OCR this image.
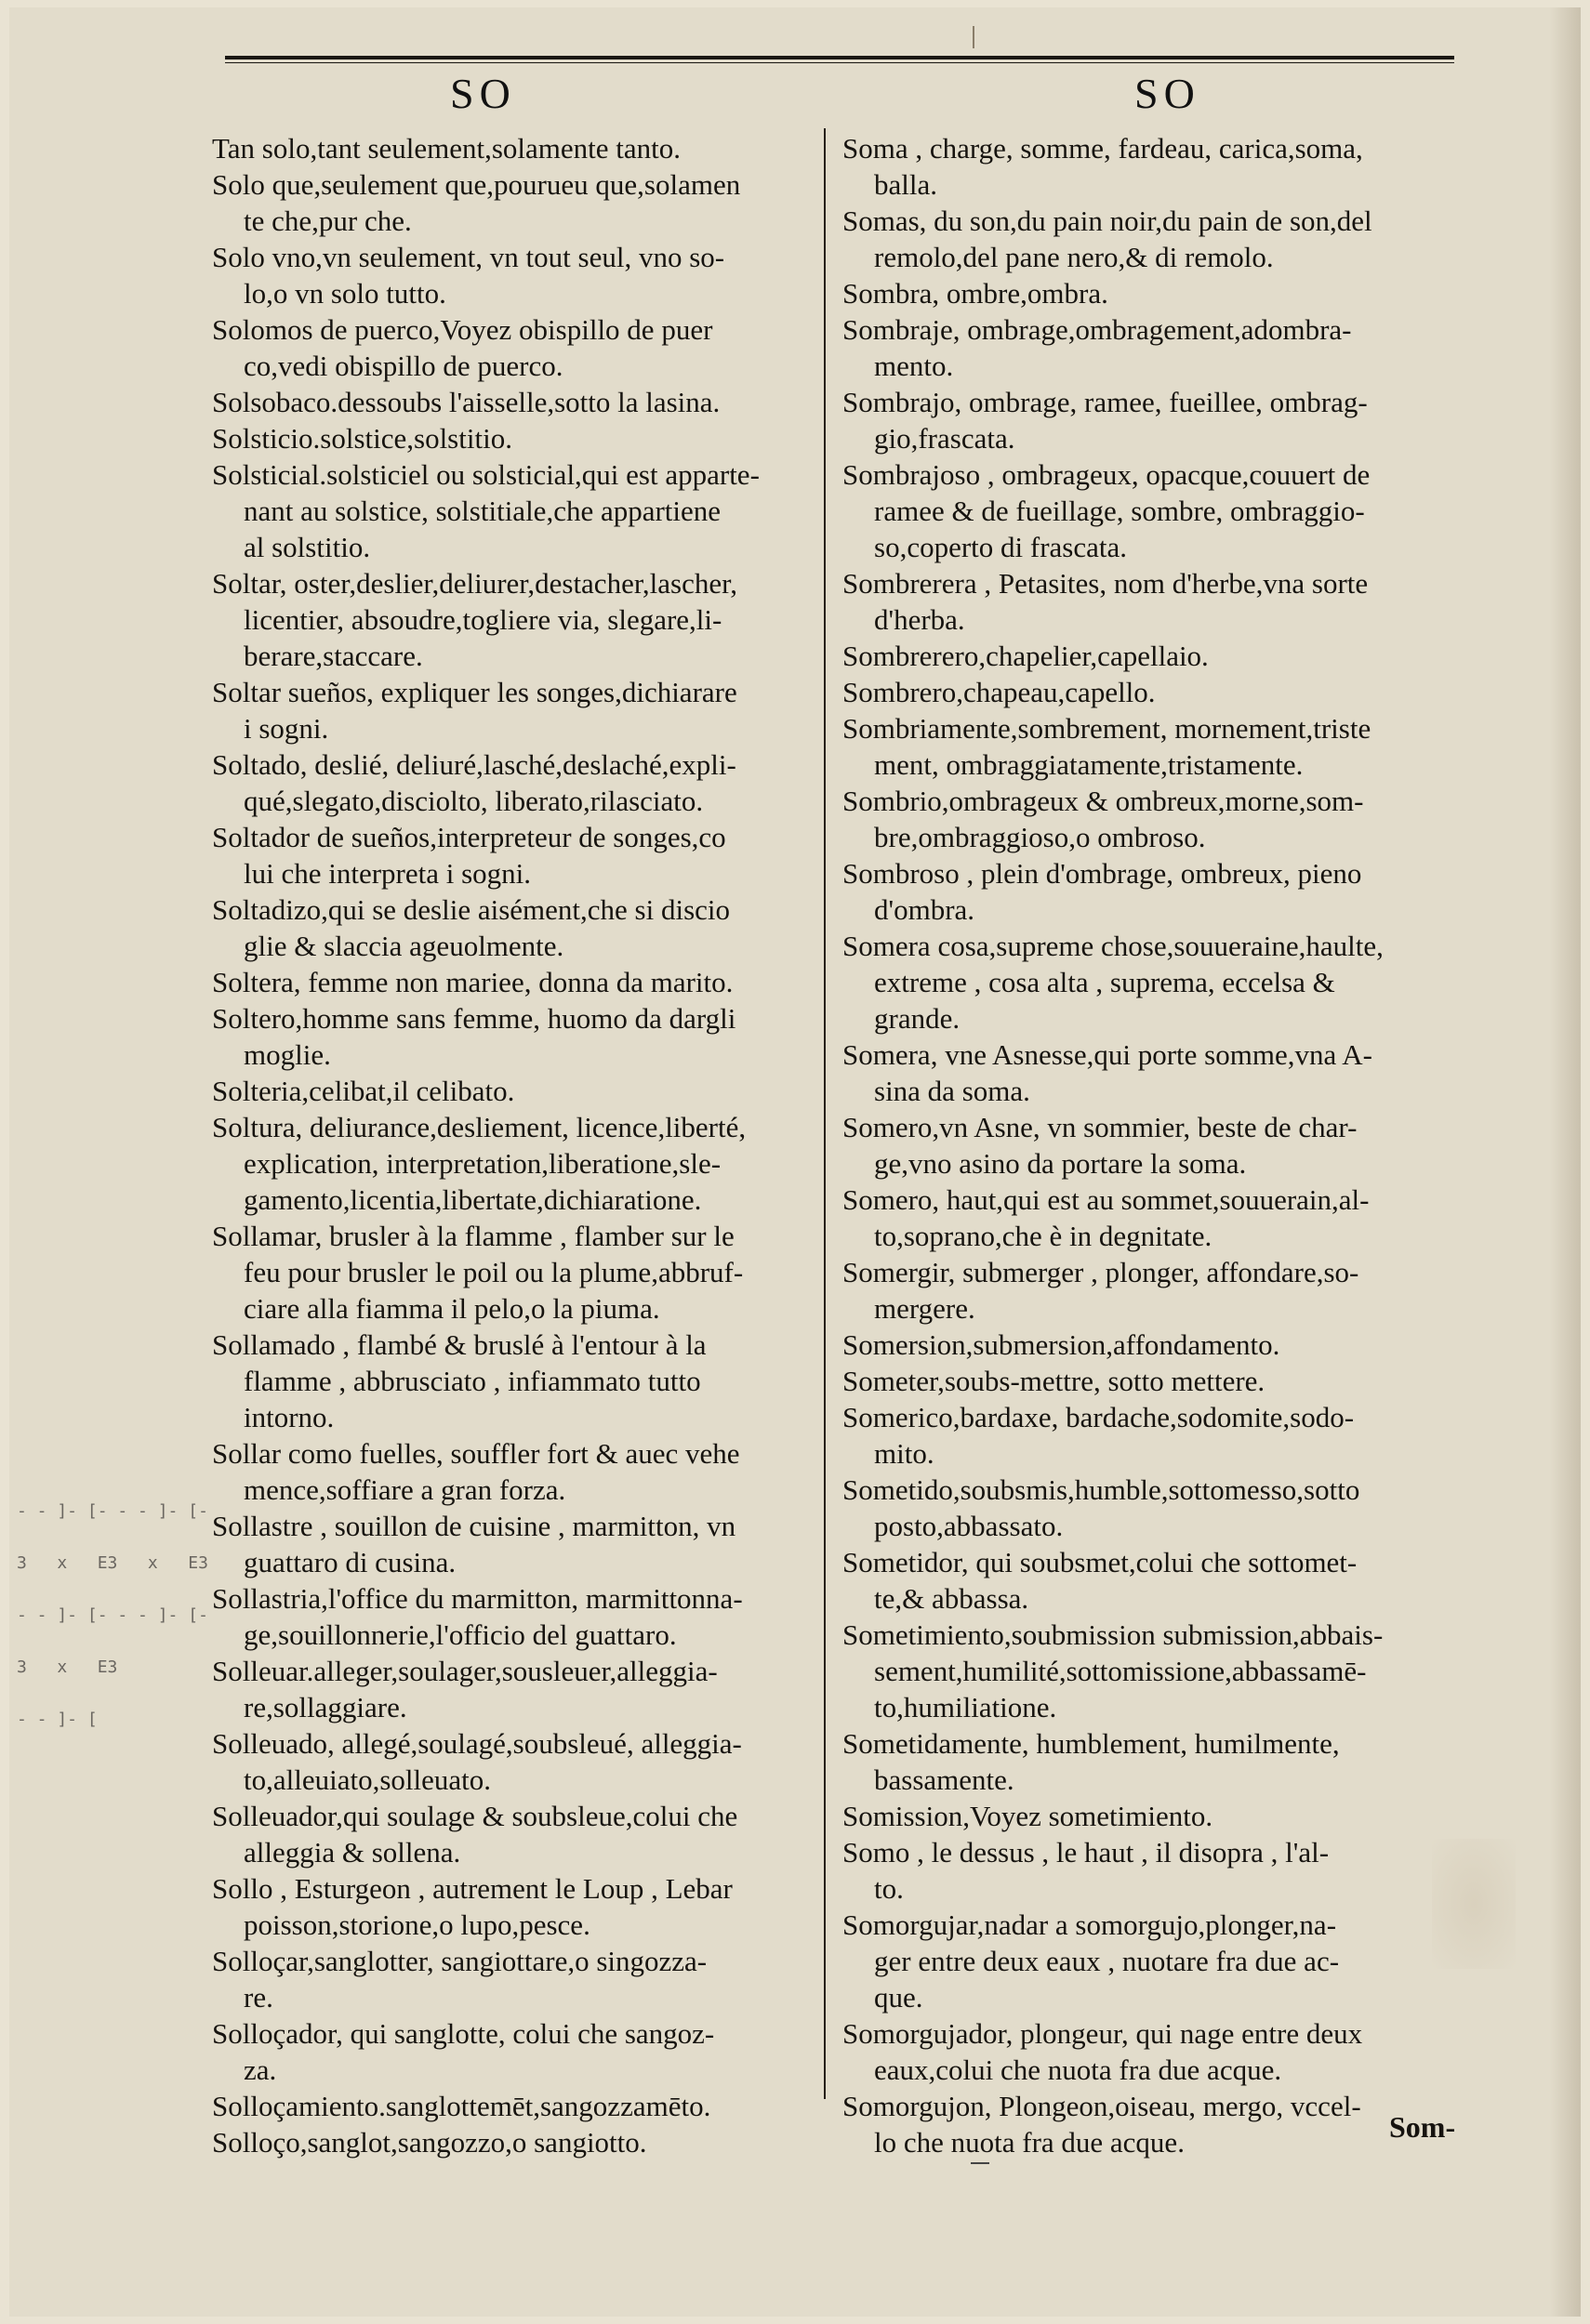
SO	SO
Tan solo,tant seulement,solamente tanto.
Solo que,seulement que,pourueu que,solamen
te che,pur che.
Solo vno,vn seulement, vn tout seul, vno so-
lo,o vn solo tutto.
Solomos de puerco,Voyez obispillo de puer
co,vedi obispillo de puerco.
Solsobaco.dessoubs l'aisselle,sotto la lasina.
Solsticio.solstice,solstitio.
Solsticial.solsticiel ou solsticial,qui est apparte-
nant au solstice, solstitiale,che appartiene
al solstitio.
Soltar, oster,deslier,deliurer,destacher,lascher,
licentier, absoudre,togliere via, slegare,li-
berare,staccare.
Soltar sueños, expliquer les songes,dichiarare
i sogni.
Soltado, deslié, deliuré,lasché,deslaché,expli-
qué,slegato,disciolto, liberato,rilasciato.
Soltador de sueños,interpreteur de songes,co
lui che interpreta i sogni.
Soltadizo,qui se deslie aisément,che si discio
glie & slaccia ageuolmente.
Soltera, femme non mariee, donna da marito.
Soltero,homme sans femme, huomo da dargli
moglie.
Solteria,celibat,il celibato.
Soltura, deliurance,desliement, licence,liberté,
explication, interpretation,liberatione,sle-
gamento,licentia,libertate,dichiaratione.
Sollamar, brusler à la flamme , flamber sur le
feu pour brusler le poil ou la plume,abbruf-
ciare alla fiamma il pelo,o la piuma.
Sollamado , flambé & bruslé à l'entour à la
flamme , abbrusciato , infiammato tutto
intorno.
Sollar como fuelles, souffler fort & auec vehe
mence,soffiare a gran forza.
Sollastre , souillon de cuisine , marmitton, vn
guattaro di cusina.
Sollastria,l'office du marmitton, marmittonna-
ge,souillonnerie,l'officio del guattaro.
Solleuar.alleger,soulager,sousleuer,alleggia-
re,sollaggiare.
Solleuado, allegé,soulagé,soubsleué, alleggia-
to,alleuiato,solleuato.
Solleuador,qui soulage & soubsleue,colui che
alleggia & sollena.
Sollo , Esturgeon , autrement le Loup , Lebar
poisson,storione,o lupo,pesce.
Solloçar,sanglotter, sangiottare,o singozza-
re.
Solloçador, qui sanglotte, colui che sangoz-
za.
Solloçamiento.sanglottemēt,sangozzamēto.
Solloço,sanglot,sangozzo,o sangiotto.
Soma , charge, somme, fardeau, carica,soma,
balla.
Somas, du son,du pain noir,du pain de son,del
remolo,del pane nero,& di remolo.
Sombra, ombre,ombra.
Sombraje, ombrage,ombragement,adombra-
mento.
Sombrajo, ombrage, ramee, fueillee, ombrag-
gio,frascata.
Sombrajoso , ombrageux, opacque,couuert de
ramee & de fueillage, sombre, ombraggio-
so,coperto di frascata.
Sombrerera , Petasites, nom d'herbe,vna sorte
d'herba.
Sombrerero,chapelier,capellaio.
Sombrero,chapeau,capello.
Sombriamente,sombrement, mornement,triste
ment, ombraggiatamente,tristamente.
Sombrio,ombrageux & ombreux,morne,som-
bre,ombraggioso,o ombroso.
Sombroso , plein d'ombrage, ombreux, pieno
d'ombra.
Somera cosa,supreme chose,souueraine,haulte,
extreme , cosa alta , suprema, eccelsa &
grande.
Somera, vne Asnesse,qui porte somme,vna A-
sina da soma.
Somero,vn Asne, vn sommier, beste de char-
ge,vno asino da portare la soma.
Somero, haut,qui est au sommet,souuerain,al-
to,soprano,che è in degnitate.
Somergir, submerger , plonger, affondare,so-
mergere.
Somersion,submersion,affondamento.
Someter,soubs-mettre, sotto mettere.
Somerico,bardaxe, bardache,sodomite,sodo-
mito.
Sometido,soubsmis,humble,sottomesso,sotto
posto,abbassato.
Sometidor, qui soubsmet,colui che sottomet-
te,& abbassa.
Sometimiento,soubmission submission,abbais-
sement,humilité,sottomissione,abbassamē-
to,humiliatione.
Sometidamente, humblement, humilmente,
bassamente.
Somission,Voyez sometimiento.
Somo , le dessus , le haut , il disopra , l'al-
to.
Somorgujar,nadar a somorgujo,plonger,na-
ger entre deux eaux , nuotare fra due ac-
que.
Somorgujador, plongeur, qui nage entre deux
eaux,colui che nuota fra due acque.
Somorgujon, Plongeon,oiseau, mergo, vccel-
lo che nuota fra due acque.	Som-
- - ]- [- - - ]- [-
3   x   E3   x   E3
- - ]- [- - - ]- [-
3   x   E3
- - ]- [
